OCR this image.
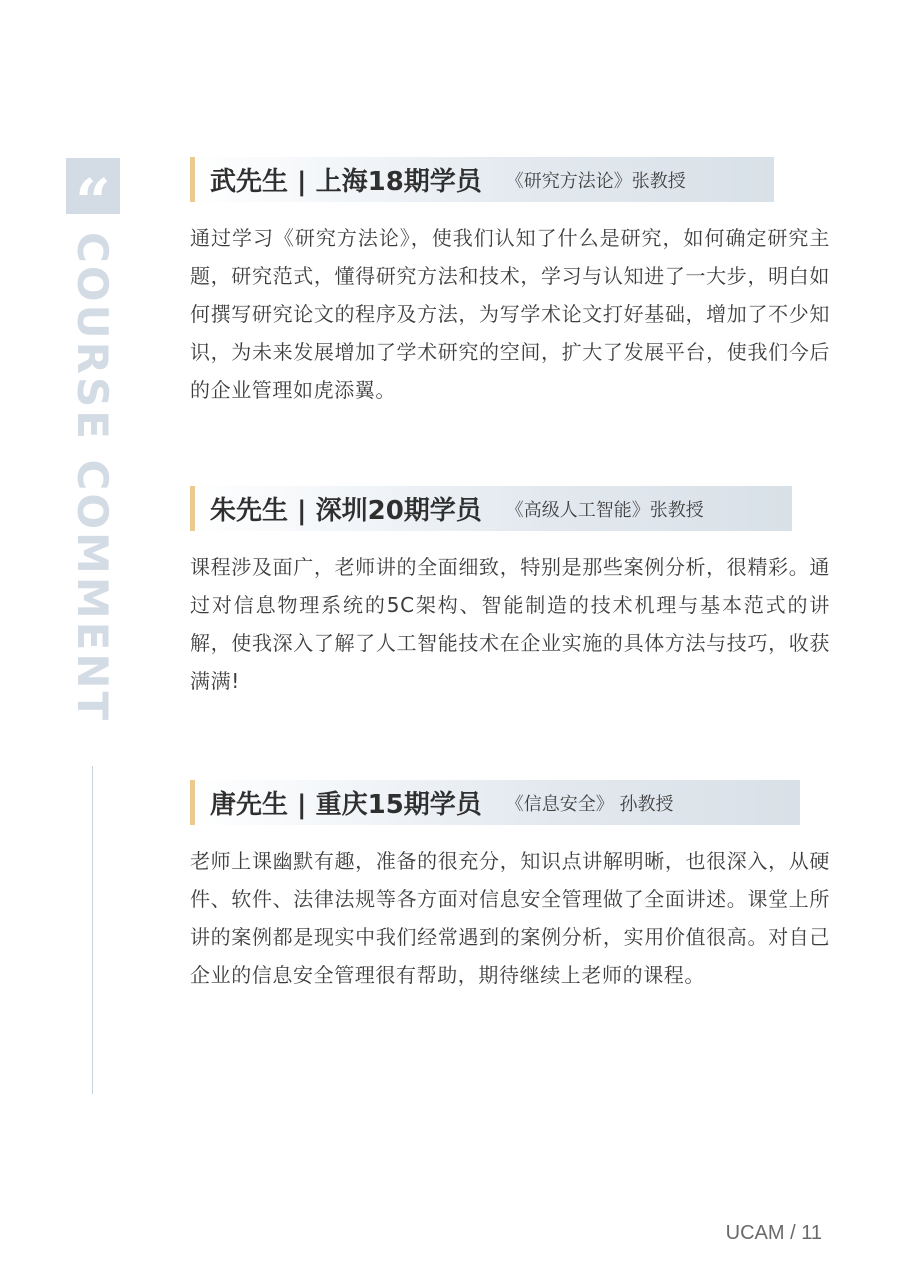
“
COURSE COMMENT
武先生 | 上海18期学员 《研究方法论》张教授
通过学习《研究方法论》，使我们认知了什么是研究，如何确定研究主题，研究范式，懂得研究方法和技术，学习与认知进了一大步，明白如何撰写研究论文的程序及方法，为写学术论文打好基础，增加了不少知识，为未来发展增加了学术研究的空间，扩大了发展平台，使我们今后的企业管理如虎添翼。
朱先生 | 深圳20期学员 《高级人工智能》张教授
课程涉及面广，老师讲的全面细致，特别是那些案例分析，很精彩。通过对信息物理系统的5C架构、智能制造的技术机理与基本范式的讲解，使我深入了解了人工智能技术在企业实施的具体方法与技巧，收获满满!
唐先生 | 重庆15期学员 《信息安全》 孙教授
老师上课幽默有趣，准备的很充分，知识点讲解明晰，也很深入，从硬件、软件、法律法规等各方面对信息安全管理做了全面讲述。课堂上所讲的案例都是现实中我们经常遇到的案例分析，实用价值很高。对自己企业的信息安全管理很有帮助，期待继续上老师的课程。
UCAM / 11
